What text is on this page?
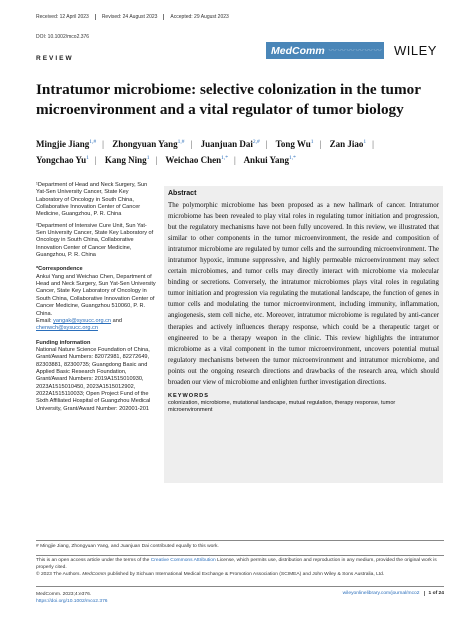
Received: 12 April 2023	Revised: 24 August 2023	Accepted: 29 August 2023
DOI: 10.1002/mco2.376
MedComm 〰〰〰〰〰〰 WILEY
REVIEW
Intratumor microbiome: selective colonization in the tumor microenvironment and a vital regulator of tumor biology
Mingjie Jiang$^{1,\#}$ | Zhongyuan Yang$^{1,\#}$ | Juanjuan Dai$^{2,\#}$ | Tong Wu$^1$ | Zan Jiao$^1$ | Yongchao Yu$^1$ | Kang Ning$^1$ | Weichao Chen$^{1,*}$ | Ankui Yang$^{1,*}$
¹Department of Head and Neck Surgery, Sun Yat-Sen University Cancer, State Key Laboratory of Oncology in South China, Collaborative Innovation Center of Cancer Medicine, Guangzhou, P. R. China
²Department of Intensive Cure Unit, Sun Yat-Sen University Cancer, State Key Laboratory of Oncology in South China, Collaborative Innovation Center of Cancer Medicine, Guangzhou, P. R. China
*Correspondence
Ankui Yang and Weichao Chen, Department of Head and Neck Surgery, Sun Yat-Sen University Cancer, State Key Laboratory of Oncology in South China, Collaborative Innovation Center of Cancer Medicine, Guangzhou 510060, P. R. China.
Email: yangak@sysucc.org.cn and
chenwch@sysucc.org.cn
Funding information
National Nature Science Foundation of China, Grant/Award Numbers: 82072981, 82272649, 82303881, 82300735; Guangdong Basic and Applied Basic Research Foundation, Grant/Award Numbers: 2019A1515010930, 2023A1515010450, 2023A1515012902, 2022A1515110033; Open Project Fund of the Sixth Affiliated Hospital of Guangzhou Medical University, Grant/Award Number: 202001-201
Abstract

The polymorphic microbiome has been proposed as a new hallmark of cancer. Intratumor microbiome has been revealed to play vital roles in regulating tumor initiation and progression, but the regulatory mechanisms have not been fully uncovered. In this review, we illustrated that similar to other components in the tumor microenvironment, the reside and composition of intratumor microbiome are regulated by tumor cells and the surrounding microenvironment. The intratumor hypoxic, immune suppressive, and highly permeable microenvironment may select certain microbiomes, and tumor cells may directly interact with microbiome via molecular binding or secretions. Conversely, the intratumor microbiomes plays vital roles in regulating tumor initiation and progression via regulating the mutational landscape, the function of genes in tumor cells and modulating the tumor microenvironment, including immunity, inflammation, angiogenesis, stem cell niche, etc. Moreover, intratumor microbiome is regulated by anti-cancer therapies and actively influences therapy response, which could be a therapeutic target or engineered to be a therapy weapon in the clinic. This review highlights the intratumor microbiome as a vital component in the tumor microenvironment, uncovers potential mutual regulatory mechanisms between the tumor microenvironment and intratumor microbiome, and points out the ongoing research directions and drawbacks of the research area, which should broaden our view of microbiome and enlighten further investigation directions.

KEYWORDS
colonization, microbiome, mutational landscape, mutual regulation, therapy response, tumor microenvironment
# Mingjie Jiang, Zhongyuan Yang, and Juanjuan Dai contributed equally to this work.
This is an open access article under the terms of the Creative Commons Attribution License, which permits use, distribution and reproduction in any medium, provided the original work is properly cited.
© 2023 The Authors. MedComm published by Sichuan International Medical Exchange & Promotion Association (SCIMEA) and John Wiley & Sons Australia, Ltd.
MedComm. 2023;4:e376.
https://doi.org/10.1002/mco2.376
wileyonlinelibrary.com/journal/mco2	1 of 24
